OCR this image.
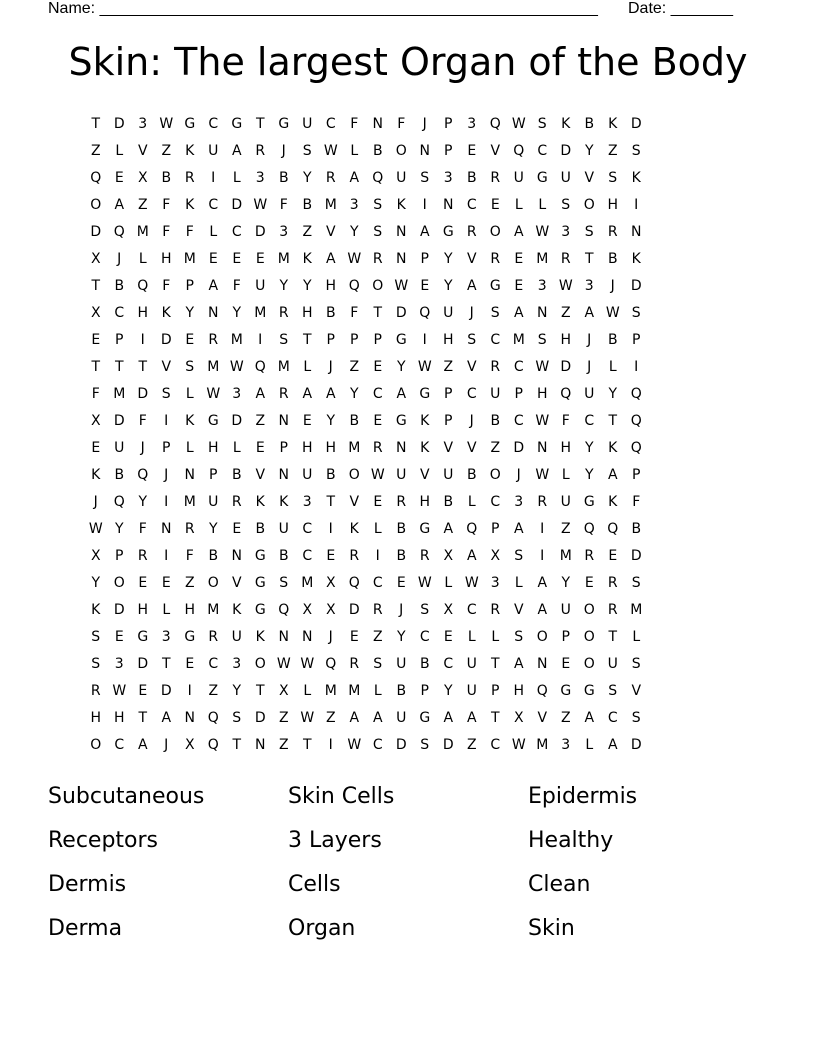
Name: ________________________________________________________ Date: _______
Skin: The largest Organ of the Body
T D 3 W G C G T G U C	F	N	F	J	P	3 Q W S	K	B	K D
Z	L	V Z	K U A R	J	S W L	B O N	P	E	V Q C D Y	Z	S
Q E	X B R	I	L	3	B	Y	R A Q U S	3	B R U G U V	S	K
O A Z	F	K	C D W F	B M 3	S	K	I	N C	E	L	L	S O H	I
D Q M F	F	L	C D 3	Z V	Y	S N A G R O A W 3	S	R N
X	J	L	H M E	E	E M K	A W R N	P	Y	V R	E M R	T	B	K
T	B Q F	P	A	F	U	Y	Y H Q O W E	Y	A G E	3 W 3	J	D
X C H K	Y N Y M R H B	F	T D Q U	J	S	A N Z A W S
E	P	I	D E	R M	I	S	T	P	P	P G	I	H S	C M S H	J	B	P
T	T	T	V	S M W Q M L	J	Z	E	Y W Z V R C W D	J	L	I
F M D S	L W 3	A R A A	Y	C A G P	C U	P	H Q U	Y Q
X D	F	I	K G D Z N E	Y	B	E G K	P	J	B C W F	C	T Q
E U	J	P	L	H	L	E	P	H H M R N K	V V Z D N H Y	K Q
K	B Q	J	N	P	B V N U B O W U V U B O	J	W L	Y	A	P
J	Q Y	I	M U R	K	K	3	T	V	E	R H B	L	C	3	R U G K	F
W Y	F	N R	Y	E	B U C	I	K	L	B G A Q P	A	I	Z Q Q B
X	P	R	I	F	B N G B C	E	R	I	B R X A X	S	I	M R	E D
Y O E	E	Z O V G S M X Q C	E W L W 3	L	A	Y	E	R	S
K D H	L	H M K G Q X X D R	J	S	X C R V A U O R M
S	E G 3 G R U K N N	J	E	Z	Y	C	E	L	L	S O P O T	L
S	3 D T	E	C	3 O W W Q R	S U B C U	T	A N E O U S
R W E D	I	Z	Y	T	X	L M M L	B	P	Y	U	P	H Q G G S	V
H H T	A N Q S D Z W Z A A U G A A	T	X V Z A C	S
O C A	J	X Q T N Z	T	I	W C D S D Z C W M 3	L	A D
Subcutaneous	Skin Cells	Epidermis
Receptors	3 Layers	Healthy
Dermis	Cells	Clean
Derma	Organ	Skin
